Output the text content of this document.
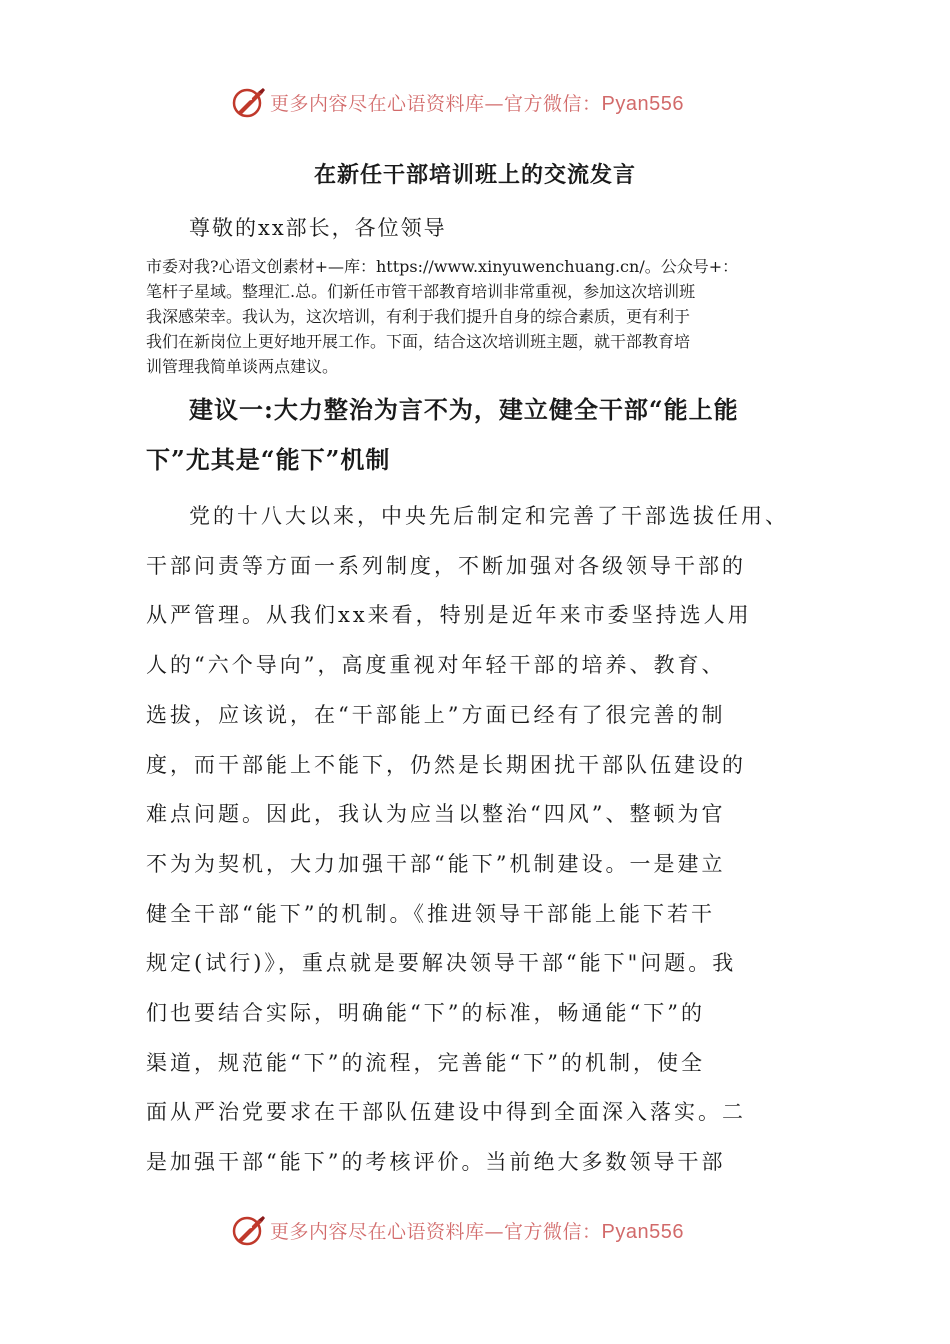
更多内容尽在心语资料库—官方微信：Pyan556
在新任干部培训班上的交流发言
尊敬的xx部长，各位领导
市委对我?心语文创素材+—库：https://www.xinyuwenchuang.cn/。公众号+：
笔杆子星域。整理汇.总。们新任市管干部教育培训非常重视，参加这次培训班
我深感荣幸。我认为，这次培训，有利于我们提升自身的综合素质，更有利于
我们在新岗位上更好地开展工作。下面，结合这次培训班主题，就干部教育培
训管理我简单谈两点建议。
建议一:大力整治为言不为，建立健全干部“能上能
下”尤其是“能下”机制
党的十八大以来，中央先后制定和完善了干部选拔任用、
干部问责等方面一系列制度，不断加强对各级领导干部的
从严管理。从我们xx来看，特别是近年来市委坚持选人用
人的“六个导向”，高度重视对年轻干部的培养、教育、
选拔，应该说，在“干部能上”方面已经有了很完善的制
度，而干部能上不能下，仍然是长期困扰干部队伍建设的
难点问题。因此，我认为应当以整治“四风”、整顿为官
不为为契机，大力加强干部“能下”机制建设。一是建立
健全干部“能下”的机制。《推进领导干部能上能下若干
规定(试行)》，重点就是要解决领导干部“能下"问题。我
们也要结合实际，明确能“下”的标准，畅通能“下”的
渠道，规范能“下”的流程，完善能“下”的机制，使全
面从严治党要求在干部队伍建设中得到全面深入落实。二
是加强干部“能下”的考核评价。当前绝大多数领导干部
更多内容尽在心语资料库—官方微信：Pyan556
